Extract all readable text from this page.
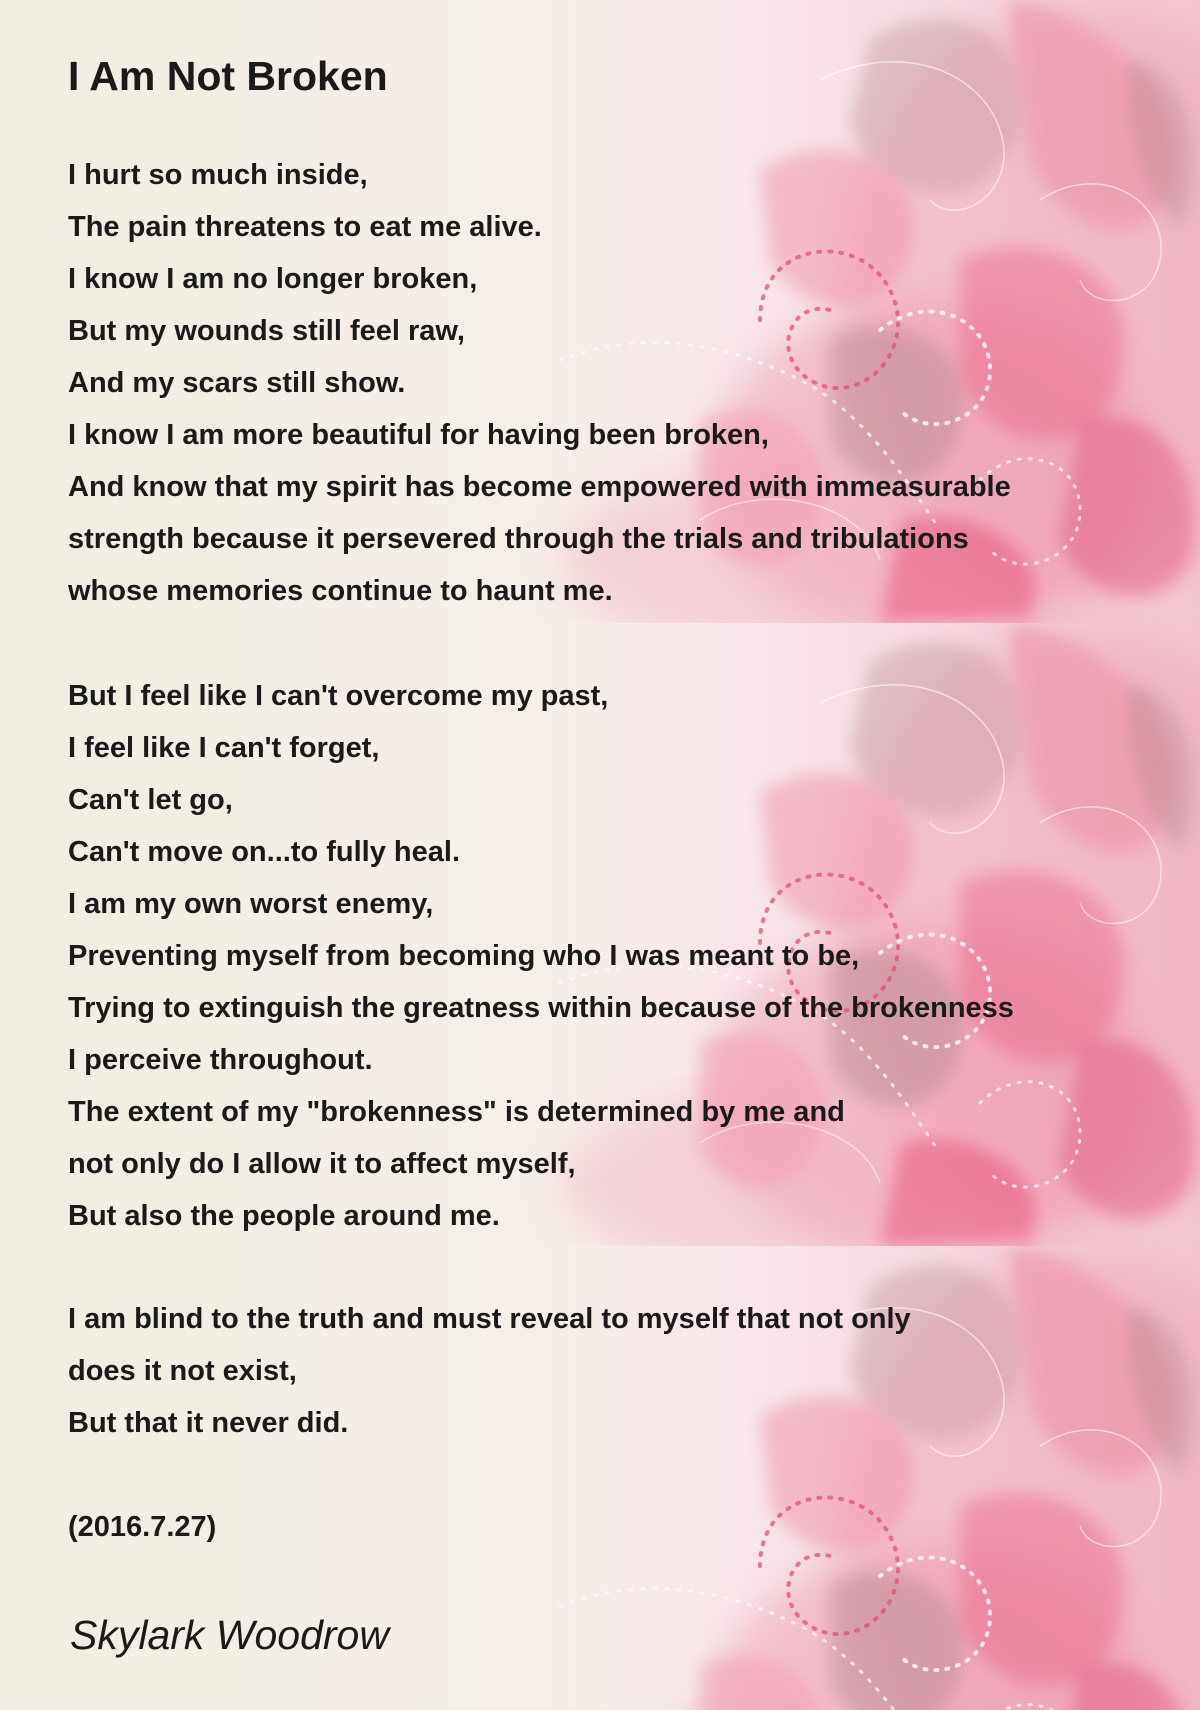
I Am Not Broken
I hurt so much inside,
The pain threatens to eat me alive.
I know I am no longer broken,
But my wounds still feel raw,
And my scars still show.
I know I am more beautiful for having been broken,
And know that my spirit has become empowered with immeasurable
strength because it persevered through the trials and tribulations
whose memories continue to haunt me.
But I feel like I can't overcome my past,
I feel like I can't forget,
Can't let go,
Can't move on...to fully heal.
I am my own worst enemy,
Preventing myself from becoming who I was meant to be,
Trying to extinguish the greatness within because of the brokenness
I perceive throughout.
The extent of my "brokenness" is determined by me and
not only do I allow it to affect myself,
But also the people around me.
I am blind to the truth and must reveal to myself that not only
does it not exist,
But that it never did.
(2016.7.27)
Skylark Woodrow
